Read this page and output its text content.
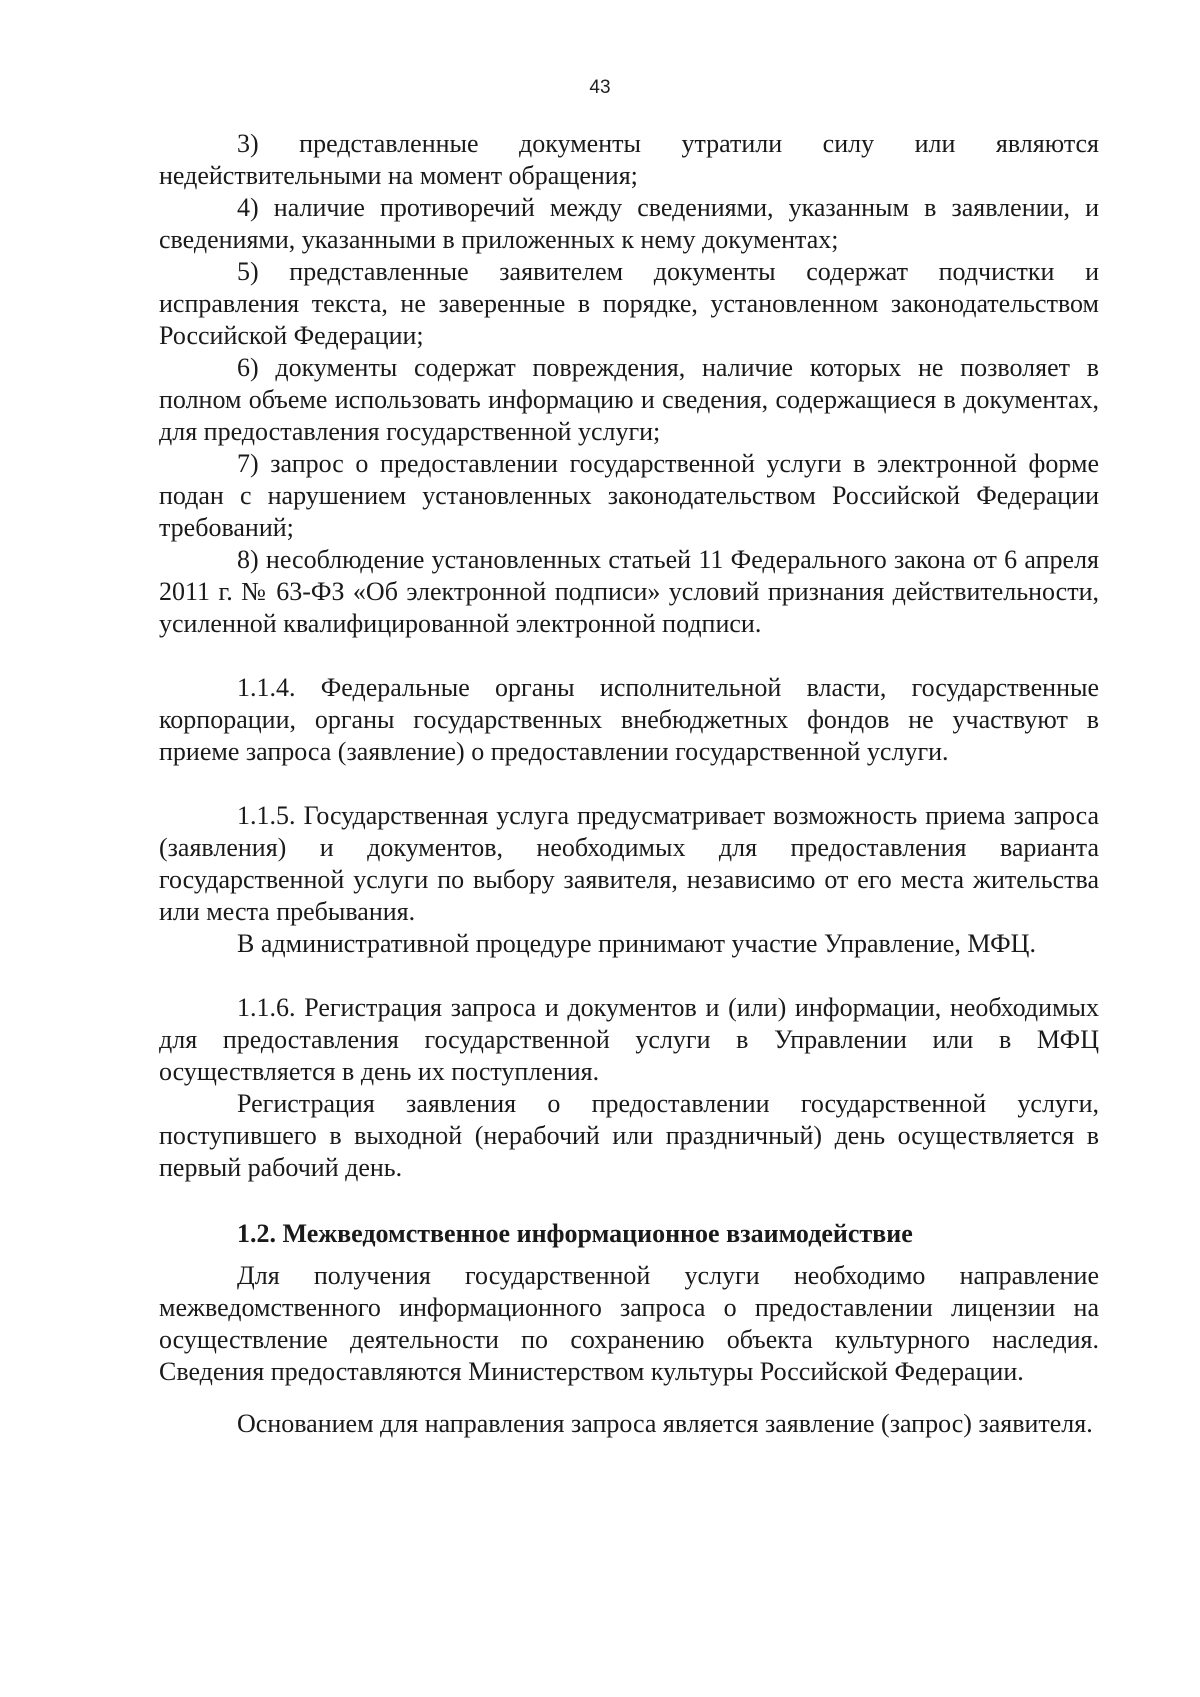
43

3) представленные документы утратили силу или являются недействительными на момент обращения;

4) наличие противоречий между сведениями, указанным в заявлении, и сведениями, указанными в приложенных к нему документах;

5) представленные заявителем документы содержат подчистки и исправления текста, не заверенные в порядке, установленном законодательством Российской Федерации;

6) документы содержат повреждения, наличие которых не позволяет в полном объеме использовать информацию и сведения, содержащиеся в документах, для предоставления государственной услуги;

7) запрос о предоставлении государственной услуги в электронной форме подан с нарушением установленных законодательством Российской Федерации требований;

8) несоблюдение установленных статьей 11 Федерального закона от 6 апреля 2011 г. № 63-ФЗ «Об электронной подписи» условий признания действительности, усиленной квалифицированной электронной подписи.

1.1.4. Федеральные органы исполнительной власти, государственные корпорации, органы государственных внебюджетных фондов не участвуют в приеме запроса (заявление) о предоставлении государственной услуги.

1.1.5. Государственная услуга предусматривает возможность приема запроса (заявления) и документов, необходимых для предоставления варианта государственной услуги по выбору заявителя, независимо от его места жительства или места пребывания.

В административной процедуре принимают участие Управление, МФЦ.

1.1.6. Регистрация запроса и документов и (или) информации, необходимых для предоставления государственной услуги в Управлении или в МФЦ осуществляется в день их поступления.

Регистрация заявления о предоставлении государственной услуги, поступившего в выходной (нерабочий или праздничный) день осуществляется в первый рабочий день.

1.2. Межведомственное информационное взаимодействие

Для получения государственной услуги необходимо направление межведомственного информационного запроса о предоставлении лицензии на осуществление деятельности по сохранению объекта культурного наследия. Сведения предоставляются Министерством культуры Российской Федерации.

Основанием для направления запроса является заявление (запрос) заявителя.
